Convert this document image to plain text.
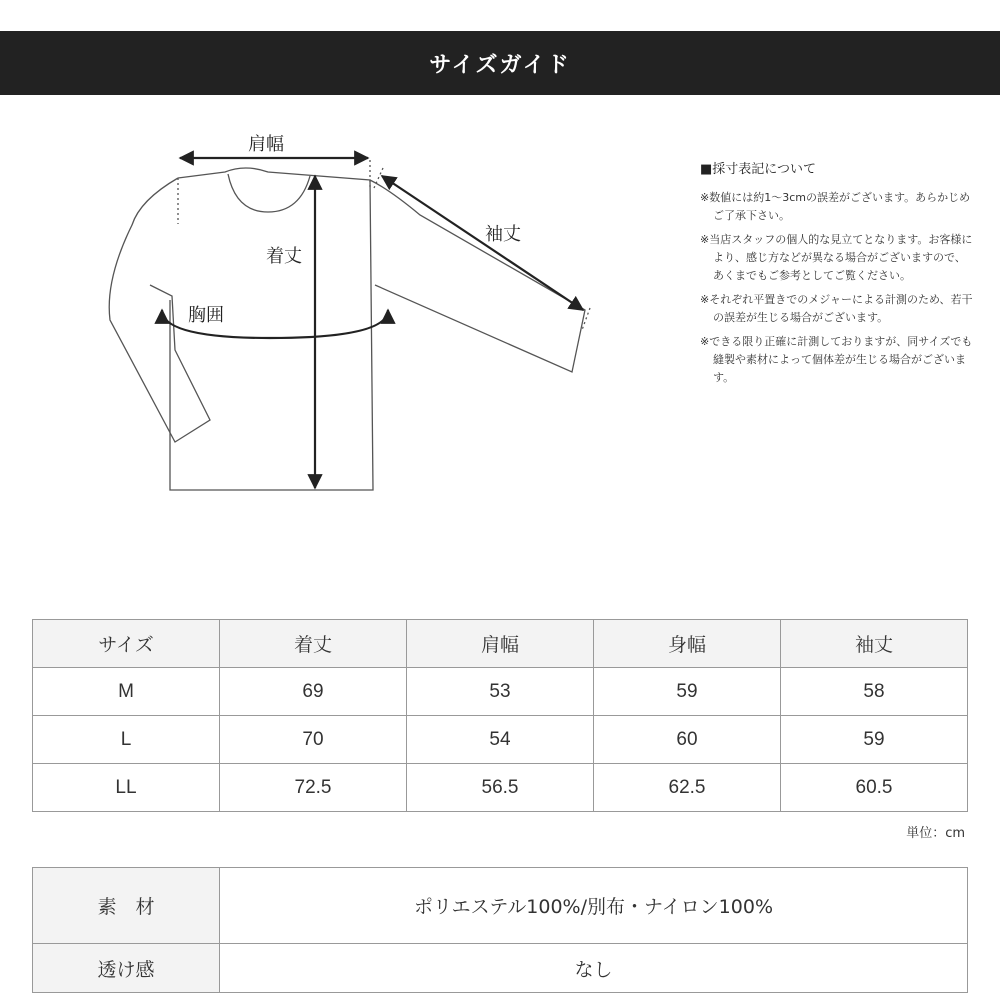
サイズガイド
肩幅
着丈
袖丈
胸囲
■採寸表記について
※数値には約1〜3cmの誤差がございます。あらかじめご了承下さい。
※当店スタッフの個人的な見立てとなります。お客様により、感じ方などが異なる場合がございますので、あくまでもご参考としてご覧ください。
※それぞれ平置きでのメジャーによる計測のため、若干の誤差が生じる場合がございます。
※できる限り正確に計測しておりますが、同サイズでも縫製や素材によって個体差が生じる場合がございます。
サイズ	着丈	肩幅	身幅	袖丈
M	69	53	59	58
L	70	54	60	59
LL	72.5	56.5	62.5	60.5
単位：cm
素　材	ポリエステル100%/別布・ナイロン100%
透け感	なし
